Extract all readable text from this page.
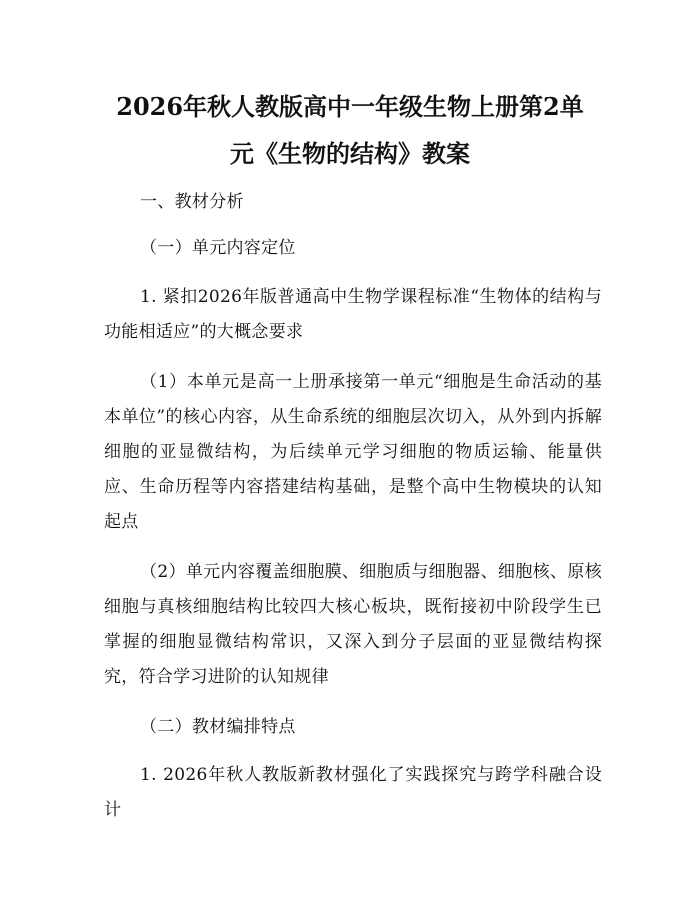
2026年秋人教版高中一年级生物上册第2单
元《生物的结构》教案

一、教材分析

（一）单元内容定位

1. 紧扣2026年版普通高中生物学课程标准“生物体的结构与功能相适应”的大概念要求

（1）本单元是高一上册承接第一单元“细胞是生命活动的基本单位”的核心内容，从生命系统的细胞层次切入，从外到内拆解细胞的亚显微结构，为后续单元学习细胞的物质运输、能量供应、生命历程等内容搭建结构基础，是整个高中生物模块的认知起点

（2）单元内容覆盖细胞膜、细胞质与细胞器、细胞核、原核细胞与真核细胞结构比较四大核心板块，既衔接初中阶段学生已掌握的细胞显微结构常识，又深入到分子层面的亚显微结构探究，符合学习进阶的认知规律

（二）教材编排特点

1. 2026年秋人教版新教材强化了实践探究与跨学科融合设计
